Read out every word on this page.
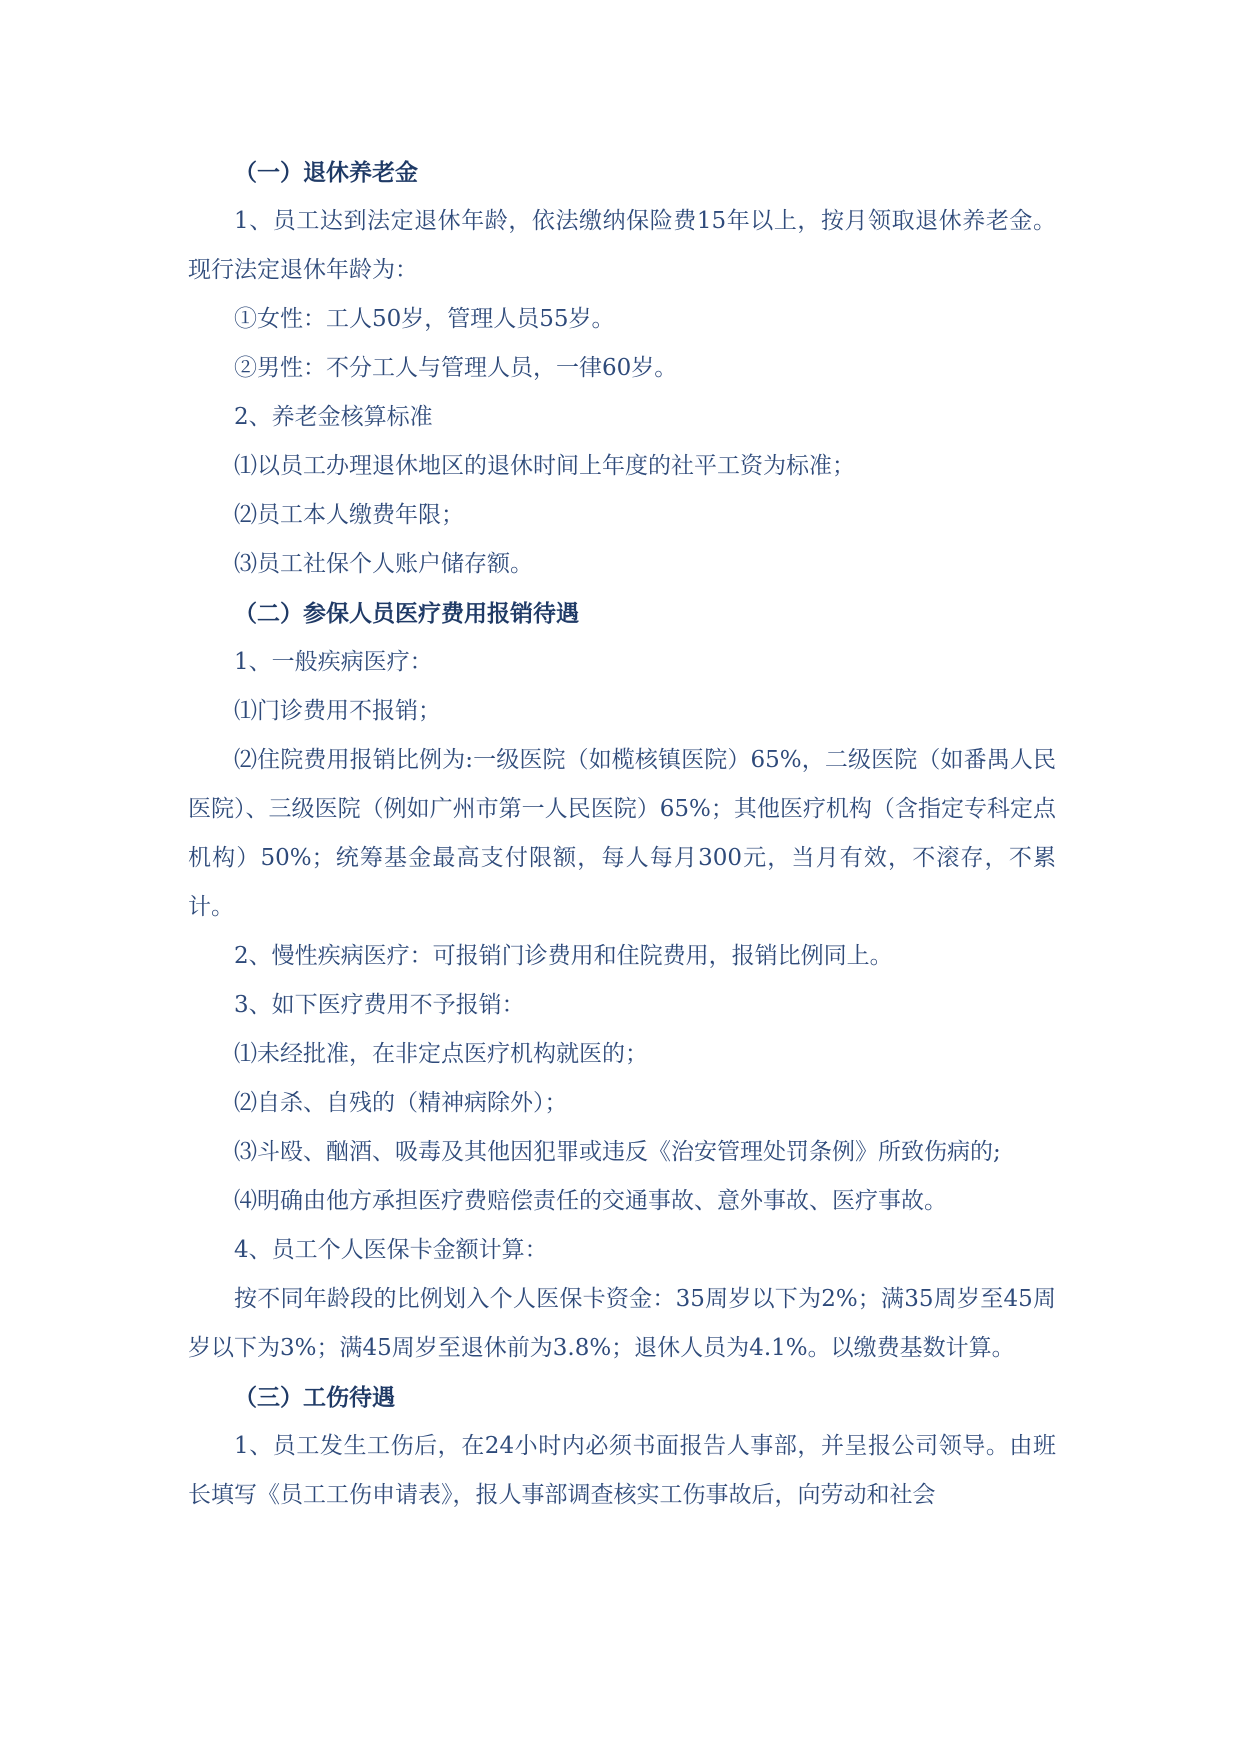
（一）退休养老金

1、员工达到法定退休年龄，依法缴纳保险费15年以上，按月领取退休养老金。现行法定退休年龄为：

①女性：工人50岁，管理人员55岁。

②男性：不分工人与管理人员，一律60岁。

2、养老金核算标准

⑴以员工办理退休地区的退休时间上年度的社平工资为标准；

⑵员工本人缴费年限；

⑶员工社保个人账户储存额。

（二）参保人员医疗费用报销待遇

1、一般疾病医疗：

⑴门诊费用不报销；

⑵住院费用报销比例为:一级医院（如榄核镇医院）65%，二级医院（如番禺人民医院）、三级医院（例如广州市第一人民医院）65%；其他医疗机构（含指定专科定点机构）50%；统筹基金最高支付限额，每人每月300元，当月有效，不滚存，不累计。

2、慢性疾病医疗：可报销门诊费用和住院费用，报销比例同上。

3、如下医疗费用不予报销：

⑴未经批准，在非定点医疗机构就医的；

⑵自杀、自残的（精神病除外）；

⑶斗殴、酗酒、吸毒及其他因犯罪或违反《治安管理处罚条例》所致伤病的;

⑷明确由他方承担医疗费赔偿责任的交通事故、意外事故、医疗事故。

4、员工个人医保卡金额计算：

按不同年龄段的比例划入个人医保卡资金：35周岁以下为2%；满35周岁至45周岁以下为3%；满45周岁至退休前为3.8%；退休人员为4.1%。以缴费基数计算。

（三）工伤待遇

1、员工发生工伤后，在24小时内必须书面报告人事部，并呈报公司领导。由班长填写《员工工伤申请表》，报人事部调查核实工伤事故后，向劳动和社会
